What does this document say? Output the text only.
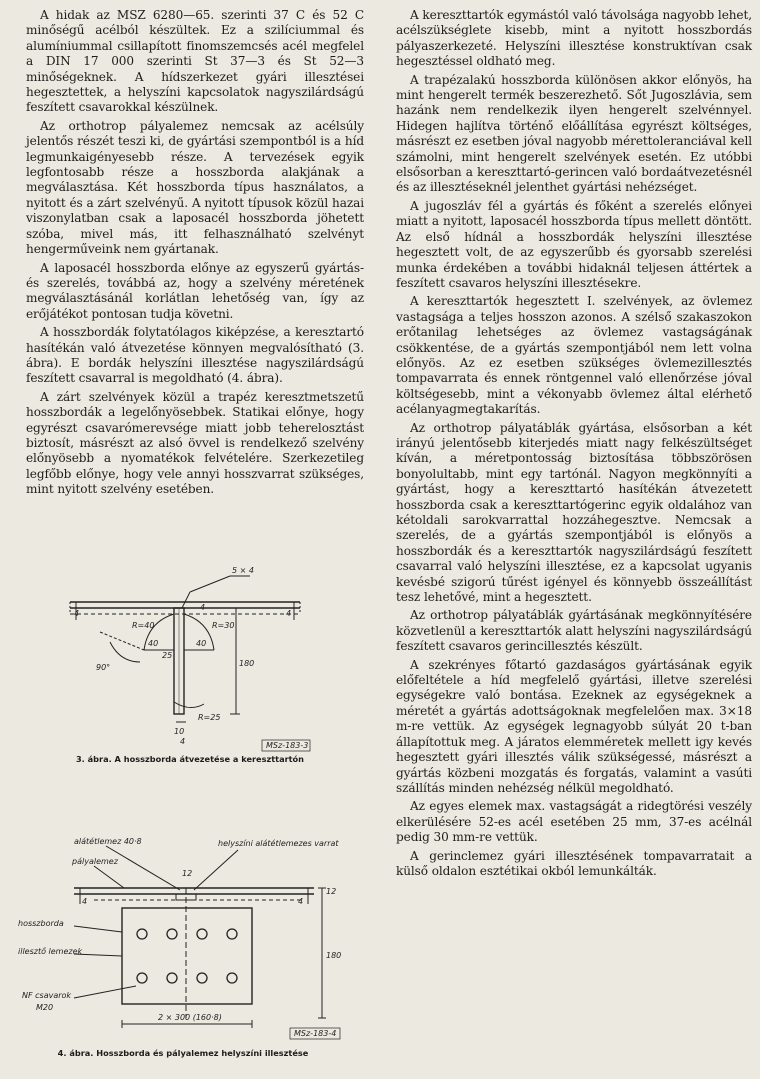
A hidak az MSZ 6280—65. szerinti 37 C és 52 C minőségű acélból készültek. Ez a szilíciummal és alumíniummal csillapított finomszemcsés acél megfelel a DIN 17 000 szerinti St 37—3 és St 52—3 minőségeknek. A hídszerkezet gyári illesztései hegesztettek, a helyszíni kapcsolatok nagyszilárdságú feszített csavarokkal készülnek.

Az orthotrop pályalemez nemcsak az acélsúly jelentős részét teszi ki, de gyártási szempontból is a híd legmunkaigényesebb része. A tervezések egyik legfontosabb része a hosszborda alakjának a megválasztása. Két hosszborda típus használatos, a nyitott és a zárt szelvényű. A nyitott típusok közül hazai viszonylatban csak a laposacél hosszborda jöhetett szóba, mivel más, itt felhasználható szelvényt hengerműveink nem gyártanak.

A laposacél hosszborda előnye az egyszerű gyártás- és szerelés, továbbá az, hogy a szelvény méretének megválasztásánál korlátlan lehetőség van, így az erőjátékot pontosan tudja követni.

A hosszbordák folytatólagos kiképzése, a keresztartó hasítékán való átvezetése könnyen megvalósítható (3. ábra). E bordák helyszíni illesztése nagyszilárdságú feszített csavarral is megoldható (4. ábra).

A zárt szelvények közül a trapéz keresztmetszetű hosszbordák a legelőnyösebbek. Statikai előnye, hogy egyrészt csavarómerevsége miatt jobb teherelosztást biztosít, másrészt az alsó övvel is rendelkező szelvény előnyösebb a nyomatékok felvételére. Szerkezetileg legfőbb előnye, hogy vele annyi hosszvarrat szükséges, mint nyitott szelvény esetében.

A kereszttartók egymástól való távolsága nagyobb lehet, acélszükséglete kisebb, mint a nyitott hosszbordás pályaszerkezeté. Helyszíni illesztése konstruktívan csak hegesztéssel oldható meg.

A trapézalakú hosszborda különösen akkor előnyös, ha mint hengerelt termék beszerezhető. Sőt Jugoszlávia, sem hazánk nem rendelkezik ilyen hengerelt szelvénnyel. Hidegen hajlítva történő előállítása egyrészt költséges, másrészt ez esetben jóval nagyobb mérettoleranciával kell számolni, mint hengerelt szelvények esetén. Ez utóbbi elsősorban a kereszttartó-gerincen való bordaátvezetésnél és az illesztéseknél jelenthet gyártási nehézséget.

A jugoszláv fél a gyártás és főként a szerelés előnyei miatt a nyitott, laposacél hosszborda típus mellett döntött. Az első hídnál a hosszbordák helyszíni illesztése hegesztett volt, de az egyszerűbb és gyorsabb szerelési munka érdekében a további hidaknál teljesen áttértek a feszített csavaros helyszíni illesztésekre.

A kereszttartók hegesztett I. szelvények, az övlemez vastagsága a teljes hosszon azonos. A szélső szakaszokon erőtanilag lehetséges az övlemez vastagságának csökkentése, de a gyártás szempontjából nem lett volna előnyös. Az ez esetben szükséges övlemezillesztés tompavarrata és ennek röntgennel való ellenőrzése jóval költségesebb, mint a vékonyabb övlemez által elérhető acélanyagmegtakarítás.

Az orthotrop pályatáblák gyártása, elsősorban a két irányú jelentősebb kiterjedés miatt nagy felkészültséget kíván, a méretpontosság biztosítása többszörösen bonyolultabb, mint egy tartónál. Nagyon megkönnyíti a gyártást, hogy a kereszttartó hasítékán átvezetett hosszborda csak a kereszttartógerinc egyik oldalához van kétoldali sarokvarrattal hozzáhegesztve. Nemcsak a szerelés, de a gyártás szempontjából is előnyös a hosszbordák és a kereszttartók nagyszilárdságú feszített csavarral való helyszíni illesztése, ez a kapcsolat ugyanis kevésbé szigorú tűrést igényel és könnyebb összeállítást tesz lehetővé, mint a hegesztett.

Az orthotrop pályatáblák gyártásának megkönnyítésére közvetlenül a kereszttartók alatt helyszíni nagyszilárdságú feszített csavaros gerincillesztés készült.

A szekrényes főtartó gazdaságos gyártásának egyik előfeltétele a híd megfelelő gyártási, illetve szerelési egységekre való bontása. Ezeknek az egységeknek a méretét a gyártás adottságoknak megfelelően max. 3×18 m-re vettük. Az egységek legnagyobb súlyát 20 t-ban állapítottuk meg. A járatos elemméretek mellett igy kevés hegesztett gyári illesztés válik szükségessé, másrészt a gyártás közbeni mozgatás és forgatás, valamint a vasúti szállítás minden nehézség nélkül megoldható.

Az egyes elemek max. vastagságát a ridegtörési veszély elkerülésére 52-es acél esetében 25 mm, 37-es acélnál pedig 30 mm-re vettük.

A gerinclemez gyári illesztésének tompavarratait a külső oldalon esztétikai okból lemunkálták.

5 × 4
R=40	R=30
R=25
40	40
25
180
90°
10
4	4
4
4	MSz-183-3
3. ábra. A hosszborda átvezetése a kereszttartón
alátétlemez 40·8	helyszíni alátétlemezes varrat
pályalemez
hosszborda
illesztő lemezek
NF csavarok
M20
2 × 300 (160·8)
12
180
12
4	4
MSz-183-4
4. ábra. Hosszborda és pályalemez helyszíni illesztése
